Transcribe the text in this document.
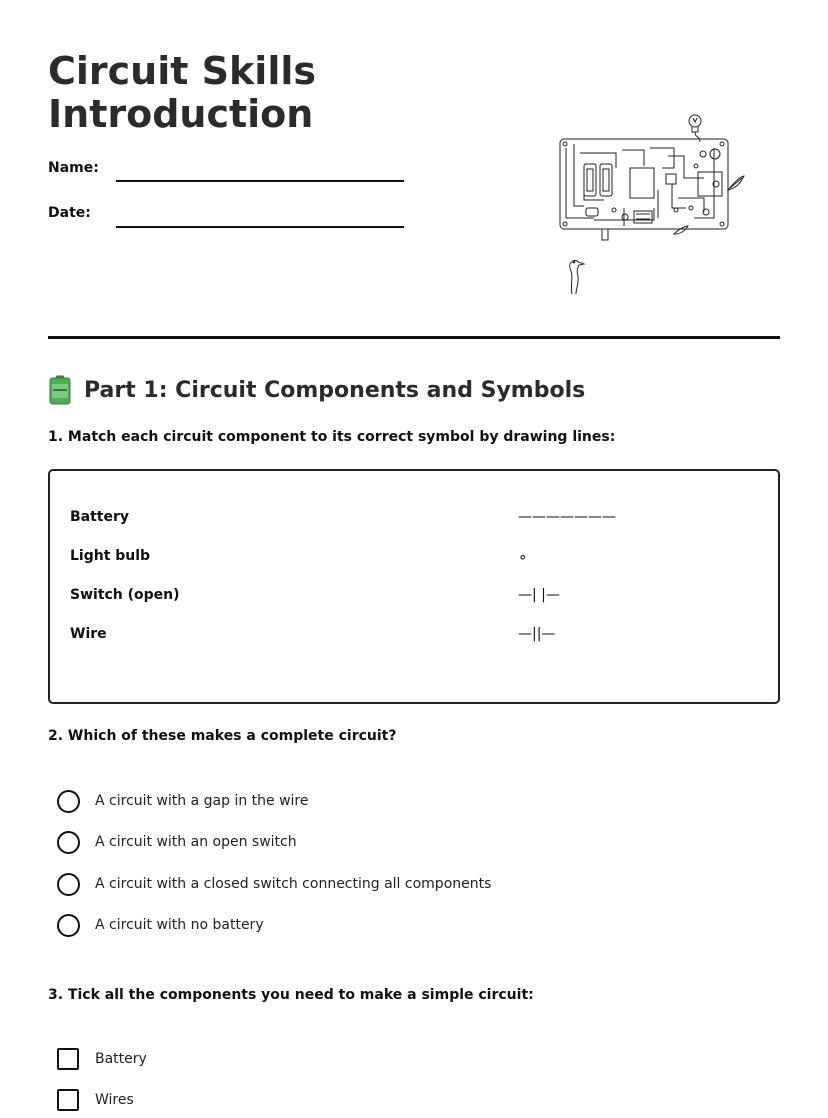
Circuit Skills
Introduction
Name:
Date:
Part 1: Circuit Components and Symbols
1. Match each circuit component to its correct symbol by drawing lines:
Battery
Light bulb
Switch (open)
Wire
———————
∘
—| |—
—||—
2. Which of these makes a complete circuit?
A circuit with a gap in the wire
A circuit with an open switch
A circuit with a closed switch connecting all components
A circuit with no battery
3. Tick all the components you need to make a simple circuit:
Battery
Wires
